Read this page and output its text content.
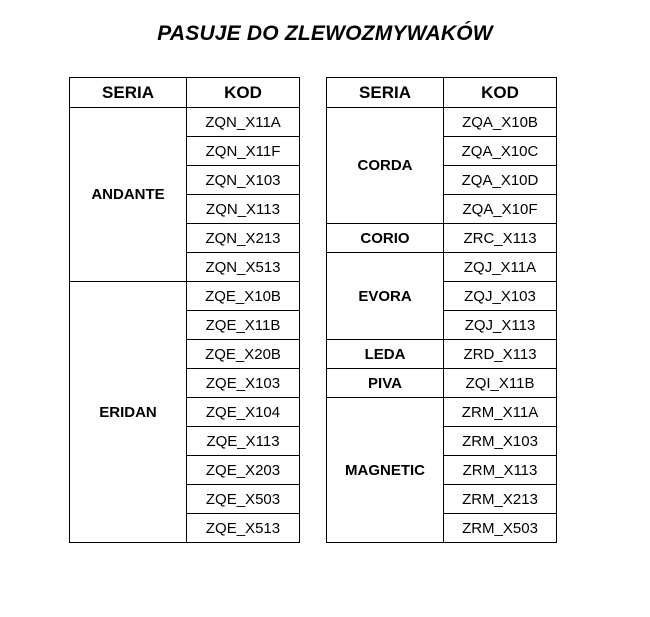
PASUJE DO ZLEWOZMYWAKÓW
SERIA	KOD
ANDANTE	ZQN_X11A
	ZQN_X11F
	ZQN_X103
	ZQN_X113
	ZQN_X213
	ZQN_X513
ERIDAN	ZQE_X10B
	ZQE_X11B
	ZQE_X20B
	ZQE_X103
	ZQE_X104
	ZQE_X113
	ZQE_X203
	ZQE_X503
	ZQE_X513
SERIA	KOD
CORDA	ZQA_X10B
	ZQA_X10C
	ZQA_X10D
	ZQA_X10F
CORIO	ZRC_X113
EVORA	ZQJ_X11A
	ZQJ_X103
	ZQJ_X113
LEDA	ZRD_X113
PIVA	ZQI_X11B
MAGNETIC	ZRM_X11A
	ZRM_X103
	ZRM_X113
	ZRM_X213
	ZRM_X503
